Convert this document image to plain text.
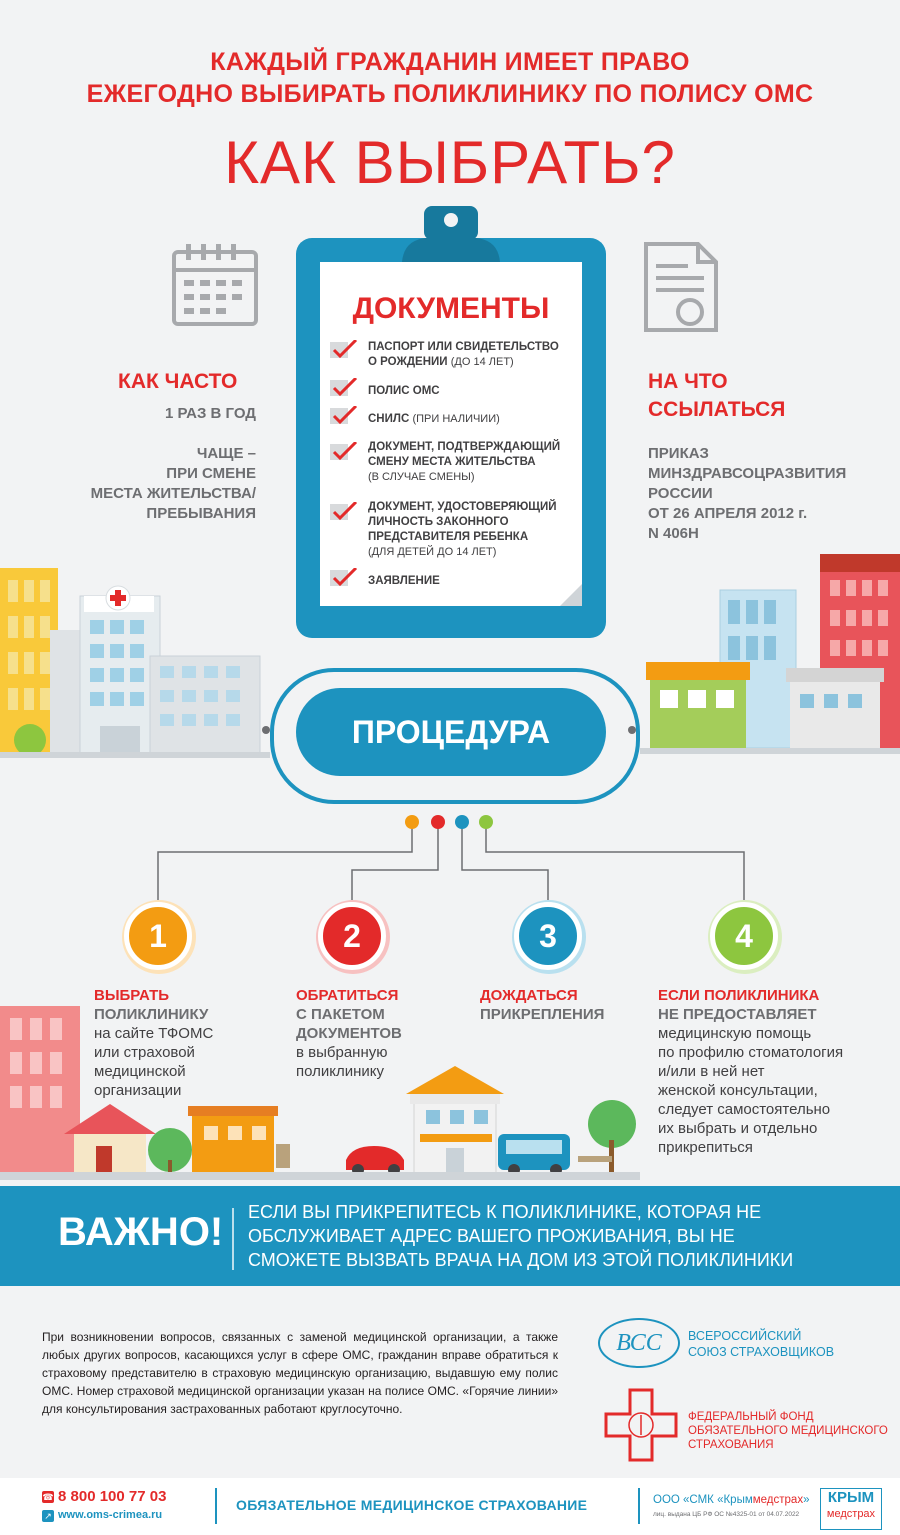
КАЖДЫЙ ГРАЖДАНИН ИМЕЕТ ПРАВО
ЕЖЕГОДНО ВЫБИРАТЬ ПОЛИКЛИНИКУ ПО ПОЛИСУ ОМС
КАК ВЫБРАТЬ?
КАК ЧАСТО
1 РАЗ В ГОД
ЧАЩЕ –
ПРИ СМЕНЕ
МЕСТА ЖИТЕЛЬСТВА/
ПРЕБЫВАНИЯ
НА ЧТО
ССЫЛАТЬСЯ
ПРИКАЗ
МИНЗДРАВСОЦРАЗВИТИЯ
РОССИИ
ОТ 26 АПРЕЛЯ 2012 г.
N 406Н
ДОКУМЕНТЫ
ПАСПОРТ ИЛИ СВИДЕТЕЛЬСТВО
О РОЖДЕНИИ (ДО 14 ЛЕТ)
ПОЛИС ОМС
СНИЛС (ПРИ НАЛИЧИИ)
ДОКУМЕНТ, ПОДТВЕРЖДАЮЩИЙ
СМЕНУ МЕСТА ЖИТЕЛЬСТВА
(В СЛУЧАЕ СМЕНЫ)
ДОКУМЕНТ, УДОСТОВЕРЯЮЩИЙ
ЛИЧНОСТЬ ЗАКОННОГО
ПРЕДСТАВИТЕЛЯ РЕБЕНКА
(ДЛЯ ДЕТЕЙ ДО 14 ЛЕТ)
ЗАЯВЛЕНИЕ
ПРОЦЕДУРА
1	2	3	4
ВЫБРАТЬ
ПОЛИКЛИНИКУ
на сайте ТФОМС
или страховой
медицинской
организации
ОБРАТИТЬСЯ
С ПАКЕТОМ
ДОКУМЕНТОВ
в выбранную
поликлинику
ДОЖДАТЬСЯ
ПРИКРЕПЛЕНИЯ
ЕСЛИ ПОЛИКЛИНИКА
НЕ ПРЕДОСТАВЛЯЕТ
медицинскую помощь
по профилю стоматология
и/или в ней нет
женской консультации,
следует самостоятельно
их выбрать и отдельно
прикрепиться
ВАЖНО! ЕСЛИ ВЫ ПРИКРЕПИТЕСЬ К ПОЛИКЛИНИКЕ, КОТОРАЯ НЕ
ОБСЛУЖИВАЕТ АДРЕС ВАШЕГО ПРОЖИВАНИЯ, ВЫ НЕ
СМОЖЕТЕ ВЫЗВАТЬ ВРАЧА НА ДОМ ИЗ ЭТОЙ ПОЛИКЛИНИКИ
При возникновении вопросов, связанных с заменой медицинской организации, а также любых других вопросов, касающихся услуг в сфере ОМС, гражданин вправе обратиться к страховому представителю в страховую медицинскую организацию, выдавшую ему полис ОМС. Номер страховой медицинской организации указан на полисе ОМС. «Горячие линии» для консультирования застрахованных работают круглосуточно.
ВСС	ВСЕРОССИЙСКИЙ
СОЮЗ СТРАХОВЩИКОВ
ФЕДЕРАЛЬНЫЙ ФОНД
ОБЯЗАТЕЛЬНОГО МЕДИЦИНСКОГО
СТРАХОВАНИЯ
☎ 8 800 100 77 03
↗ www.oms-crimea.ru
ОБЯЗАТЕЛЬНОЕ МЕДИЦИНСКОЕ СТРАХОВАНИЕ	ООО «СМК «Крыммедстрах»
лиц. выдана ЦБ РФ ОС №4325-01 от 04.07.2022
КРЫМ
медстрах
